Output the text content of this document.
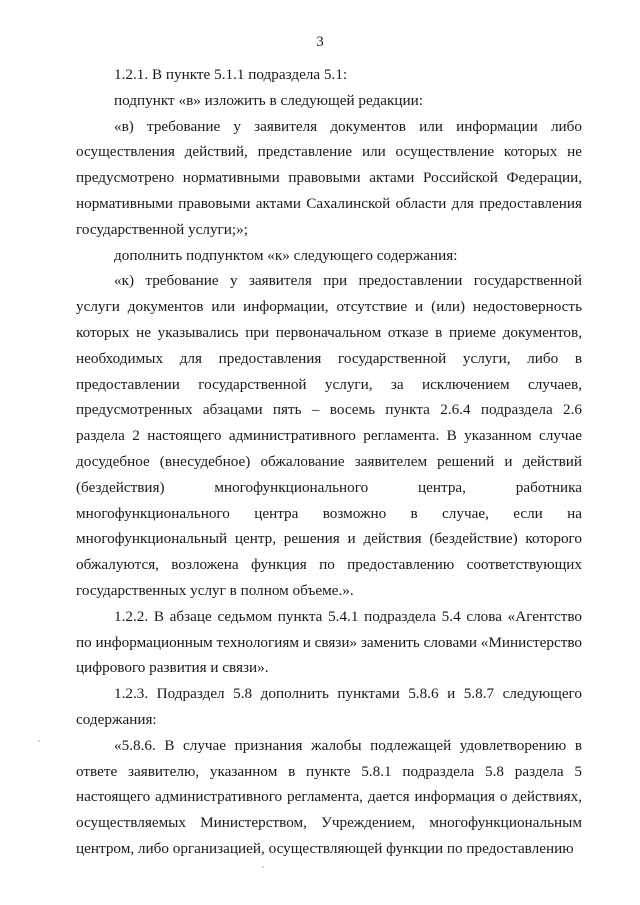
3

1.2.1. В пункте 5.1.1 подраздела 5.1:

подпункт «в» изложить в следующей редакции:

«в) требование у заявителя документов или информации либо осуществления действий, представление или осуществление которых не предусмотрено нормативными правовыми актами Российской Федерации, нормативными правовыми актами Сахалинской области для предоставления государственной услуги;»;

дополнить подпунктом «к» следующего содержания:

«к) требование у заявителя при предоставлении государственной услуги документов или информации, отсутствие и (или) недостоверность которых не указывались при первоначальном отказе в приеме документов, необходимых для предоставления государственной услуги, либо в предоставлении государственной услуги, за исключением случаев, предусмотренных абзацами пять – восемь пункта 2.6.4 подраздела 2.6 раздела 2 настоящего административного регламента. В указанном случае досудебное (внесудебное) обжалование заявителем решений и действий (бездействия) многофункционального центра, работника многофункционального центра возможно в случае, если на многофункциональный центр, решения и действия (бездействие) которого обжалуются, возложена функция по предоставлению соответствующих государственных услуг в полном объеме.».

1.2.2. В абзаце седьмом пункта 5.4.1 подраздела 5.4 слова «Агентство по информационным технологиям и связи» заменить словами «Министерство цифрового развития и связи».

1.2.3. Подраздел 5.8 дополнить пунктами 5.8.6 и 5.8.7 следующего содержания:

«5.8.6. В случае признания жалобы подлежащей удовлетворению в ответе заявителю, указанном в пункте 5.8.1 подраздела 5.8 раздела 5 настоящего административного регламента, дается информация о действиях, осуществляемых Министерством, Учреждением, многофункциональным центром, либо организацией, осуществляющей функции по предоставлению
